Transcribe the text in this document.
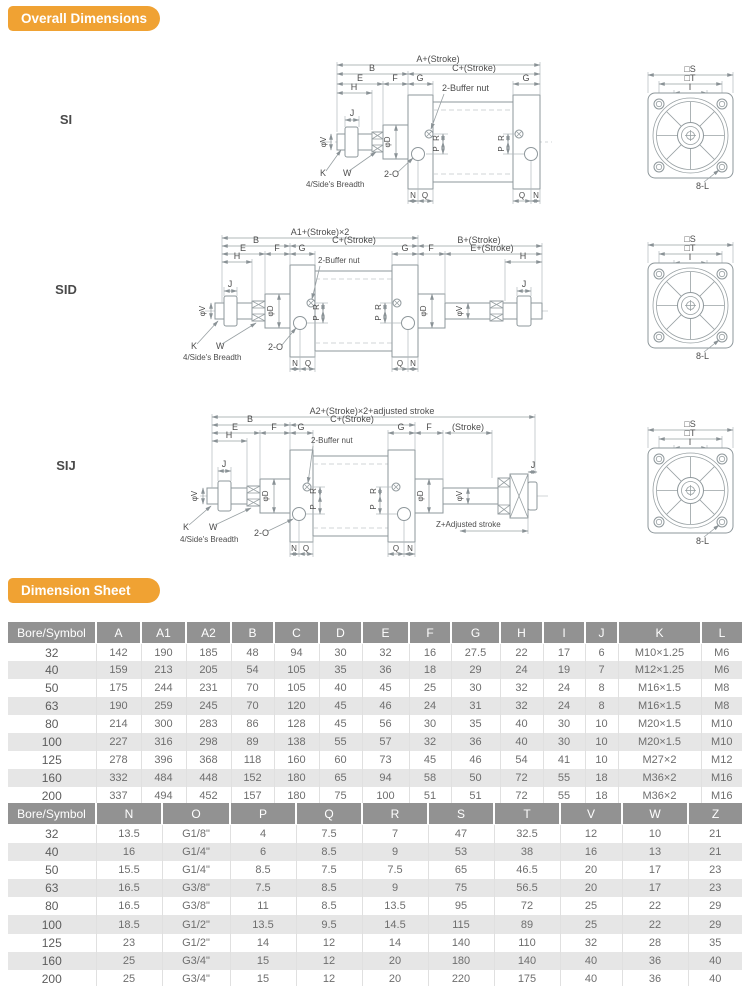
Overall Dimensions
SI
SID
SIJ
A+(Stroke)
B	C+(Stroke)
E	F G	G
H
J
R
P
R
P
φV	φD
2-Buffer nut
2-O
K W
4/Side's Breadth
N Q	Q N
□S
□T
I
8-L
A1+(Stroke)×2
B	C+(Stroke)	B+(Stroke)
E	F G	G F	E+(Stroke)
H	H
J	J
R
P
R
P
φV	φD	φD	φV
2-Buffer nut
2-O
K W
4/Side's Breadth
N Q	Q N
A2+(Stroke)×2+adjusted stroke
B	C+(Stroke)
E	F G	G F (Stroke)
H
J	J
R
P
R
P
φV	φD	φD	φV
Z+Adjusted stroke
2-Buffer nut
2-O
K W
4/Side's Breadth
N Q	Q N
Dimension Sheet
Bore/Symbol	A	A1	A2	B	C	D	E	F	G	H	I	J	K	L
32	142	190	185	48	94	30	32	16	27.5	22	17	6	M10×1.25	M6
40	159	213	205	54	105	35	36	18	29	24	19	7	M12×1.25	M6
50	175	244	231	70	105	40	45	25	30	32	24	8	M16×1.5	M8
63	190	259	245	70	120	45	46	24	31	32	24	8	M16×1.5	M8
80	214	300	283	86	128	45	56	30	35	40	30	10	M20×1.5	M10
100	227	316	298	89	138	55	57	32	36	40	30	10	M20×1.5	M10
125	278	396	368	118	160	60	73	45	46	54	41	10	M27×2	M12
160	332	484	448	152	180	65	94	58	50	72	55	18	M36×2	M16
200	337	494	452	157	180	75	100	51	51	72	55	18	M36×2	M16
Bore/Symbol	N	O	P	Q	R	S	T	V	W	Z
32	13.5	G1/8"	4	7.5	7	47	32.5	12	10	21
40	16	G1/4"	6	8.5	9	53	38	16	13	21
50	15.5	G1/4"	8.5	7.5	7.5	65	46.5	20	17	23
63	16.5	G3/8"	7.5	8.5	9	75	56.5	20	17	23
80	16.5	G3/8"	11	8.5	13.5	95	72	25	22	29
100	18.5	G1/2"	13.5	9.5	14.5	115	89	25	22	29
125	23	G1/2"	14	12	14	140	110	32	28	35
160	25	G3/4"	15	12	20	180	140	40	36	40
200	25	G3/4"	15	12	20	220	175	40	36	40
